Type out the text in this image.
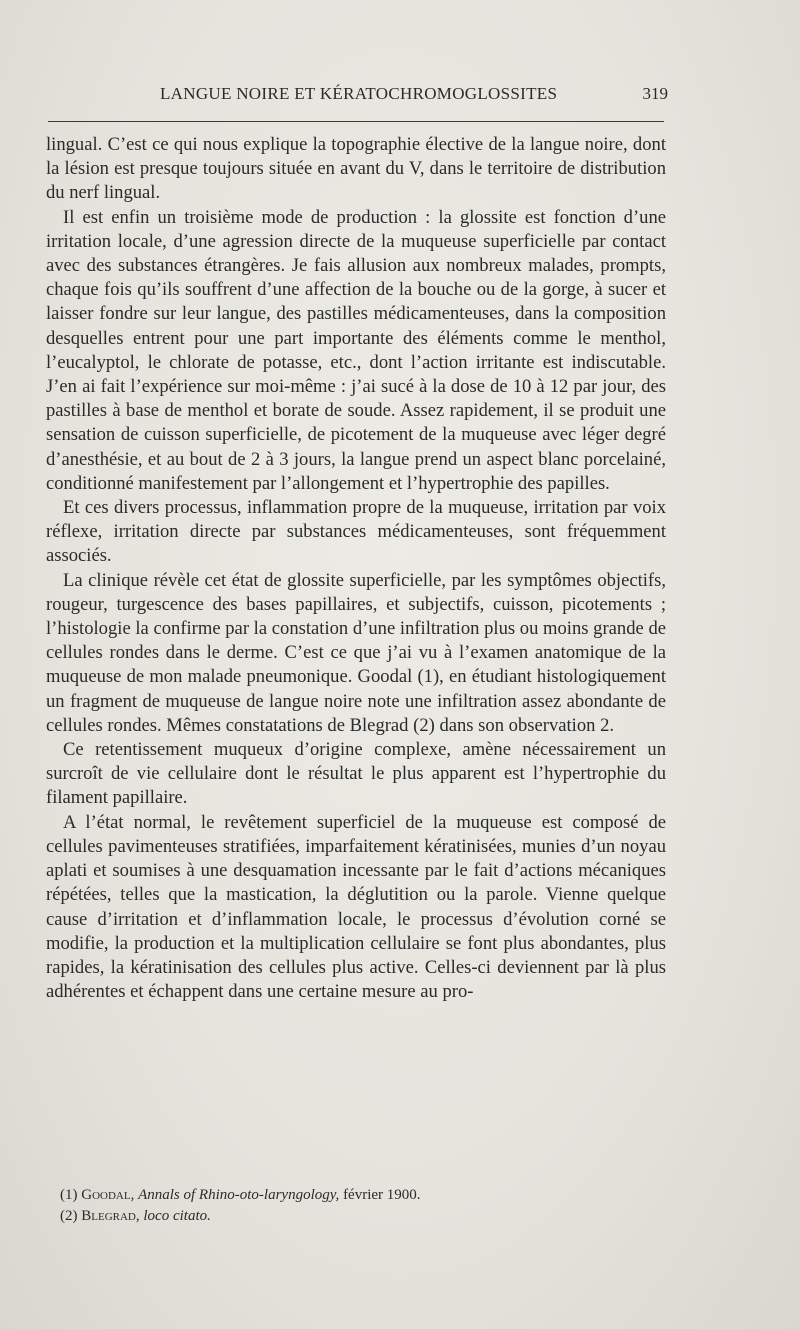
LANGUE NOIRE ET KÉRATOCHROMOGLOSSITES	319

lingual. C’est ce qui nous explique la topographie élective de la langue noire, dont la lésion est presque toujours située en avant du V, dans le territoire de distribution du nerf lingual.

Il est enfin un troisième mode de production : la glossite est fonction d’une irritation locale, d’une agression directe de la muqueuse superficielle par contact avec des substances étrangères. Je fais allusion aux nombreux malades, prompts, chaque fois qu’ils souffrent d’une affection de la bouche ou de la gorge, à sucer et laisser fondre sur leur langue, des pastilles médicamenteuses, dans la composition desquelles entrent pour une part importante des éléments comme le menthol, l’eucalyptol, le chlorate de potasse, etc., dont l’action irritante est indiscutable. J’en ai fait l’expérience sur moi-même : j’ai sucé à la dose de 10 à 12 par jour, des pastilles à base de menthol et borate de soude. Assez rapidement, il se produit une sensation de cuisson superficielle, de picotement de la muqueuse avec léger degré d’anesthésie, et au bout de 2 à 3 jours, la langue prend un aspect blanc porcelainé, conditionné manifestement par l’allongement et l’hypertrophie des papilles.

Et ces divers processus, inflammation propre de la muqueuse, irritation par voix réflexe, irritation directe par substances médicamenteuses, sont fréquemment associés.

La clinique révèle cet état de glossite superficielle, par les symptômes objectifs, rougeur, turgescence des bases papillaires, et subjectifs, cuisson, picotements ; l’histologie la confirme par la constation d’une infiltration plus ou moins grande de cellules rondes dans le derme. C’est ce que j’ai vu à l’examen anatomique de la muqueuse de mon malade pneumonique. Goodal (1), en étudiant histologiquement un fragment de muqueuse de langue noire note une infiltration assez abondante de cellules rondes. Mêmes constatations de Blegrad (2) dans son observation 2.

Ce retentissement muqueux d’origine complexe, amène nécessairement un surcroît de vie cellulaire dont le résultat le plus apparent est l’hypertrophie du filament papillaire.

A l’état normal, le revêtement superficiel de la muqueuse est composé de cellules pavimenteuses stratifiées, imparfaitement kératinisées, munies d’un noyau aplati et soumises à une desquamation incessante par le fait d’actions mécaniques répétées, telles que la mastication, la déglutition ou la parole. Vienne quelque cause d’irritation et d’inflammation locale, le processus d’évolution corné se modifie, la production et la multiplication cellulaire se font plus abondantes, plus rapides, la kératinisation des cellules plus active. Celles-ci deviennent par là plus adhérentes et échappent dans une certaine mesure au pro-

(1) Goodal, Annals of Rhino-oto-laryngology, février 1900.

(2) Blegrad, loco citato.
